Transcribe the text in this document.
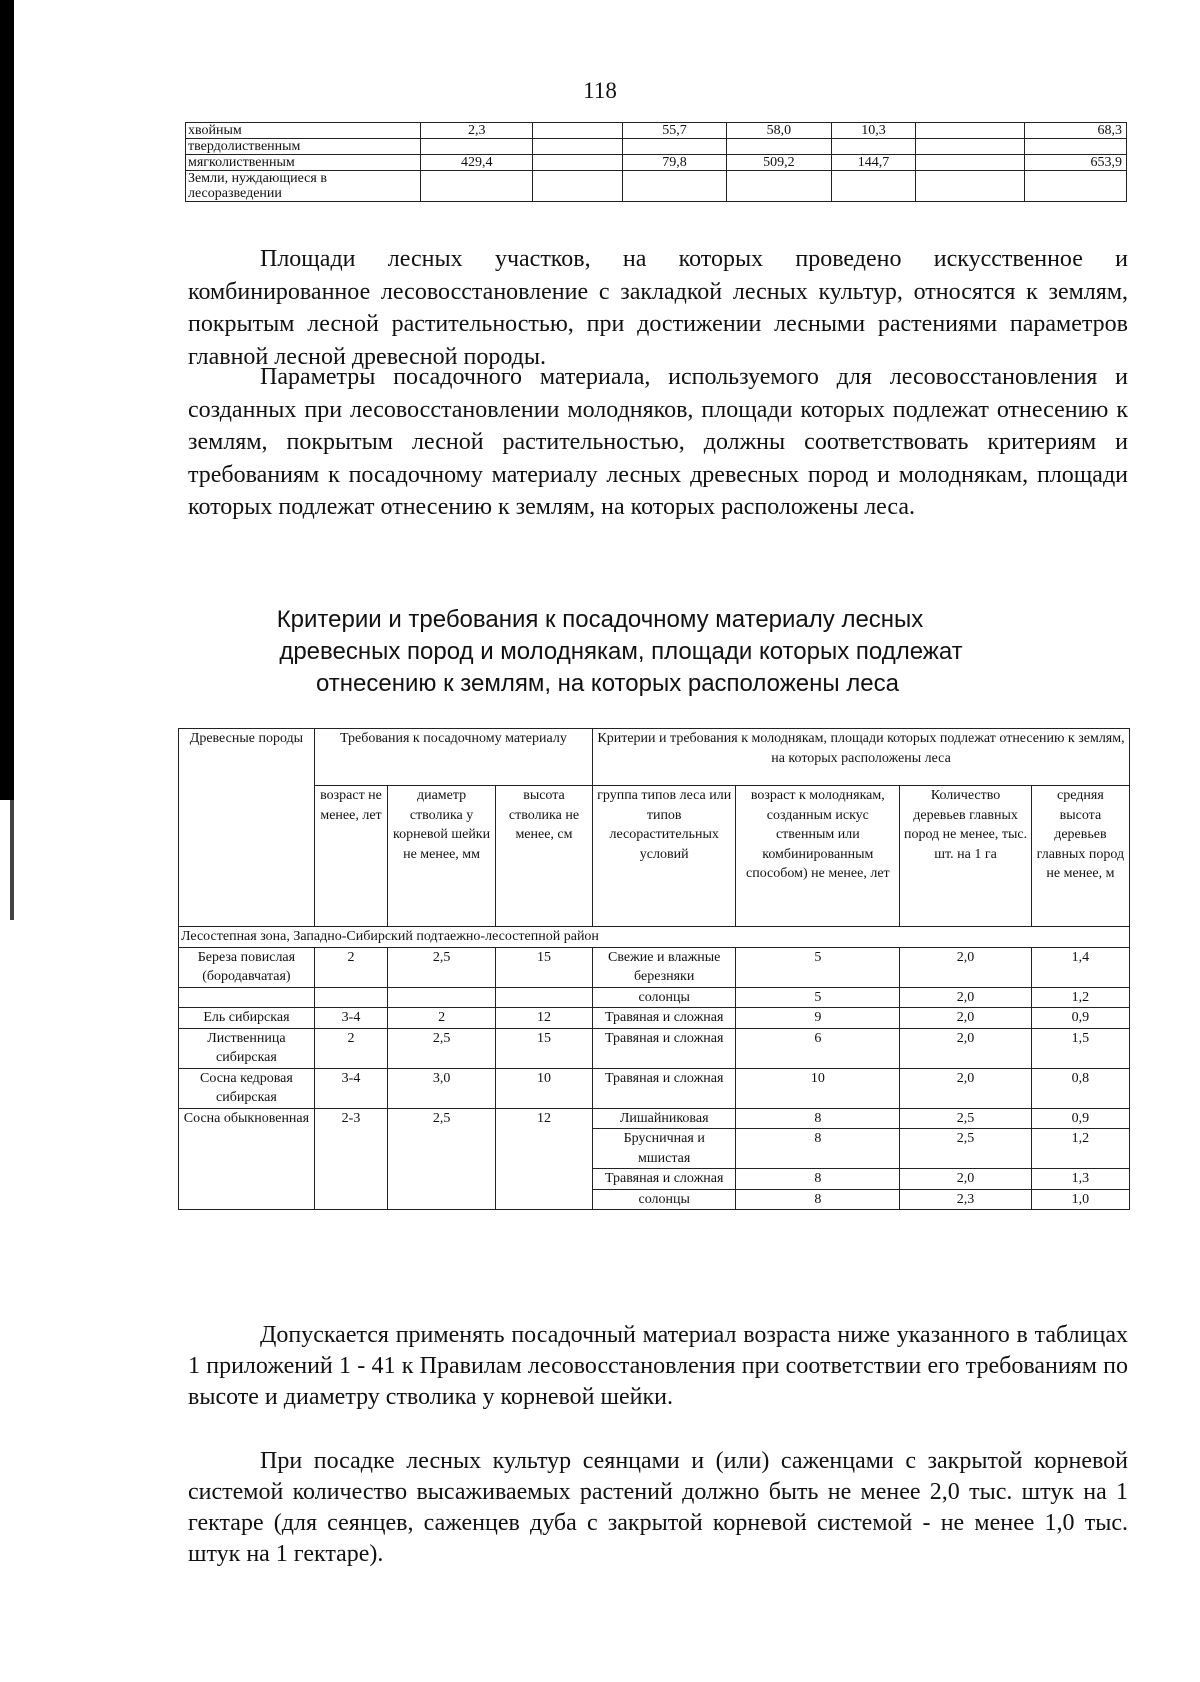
118
хвойным	2,3		55,7	58,0	10,3		68,3
твердолиственным							
мягколиственным	429,4		79,8	509,2	144,7		653,9
Земли, нуждающиеся в лесоразведении							

Площади лесных участков, на которых проведено искусственное и комбинированное лесовосстановление с закладкой лесных культур, относятся к землям, покрытым лесной растительностью, при достижении лесными растениями параметров главной лесной древесной породы.

Параметры посадочного материала, используемого для лесовосстановления и созданных при лесовосстановлении молодняков, площади которых подлежат отнесению к землям, покрытым лесной растительностью, должны соответствовать критериям и требованиям к посадочному материалу лесных древесных пород и молоднякам, площади которых подлежат отнесению к землям, на которых расположены леса.

Критерии и требования к посадочному материалу лесных
древесных пород и молоднякам, площади которых подлежат
отнесению к землям, на которых расположены леса
Древесные породы	Требования к посадочному материалу			Критерии и требования к молоднякам, площади которых подлежат отнесению к землям, на которых расположены леса			
	возраст не менее, лет	диаметр стволика у корневой шейки не менее, мм	высота стволика не менее, см	группа типов леса или типов лесорастительных условий	возраст к молоднякам, созданным искус ственным или комбинированным способом) не менее, лет	Количество деревьев главных пород не менее, тыс. шт. на 1 га	средняя высота деревьев главных пород не менее, м
Лесостепная зона, Западно-Сибирский подтаежно-лесостепной район							
Береза повислая (бородавчатая)	2	2,5	15	Свежие и влажные березняки	5	2,0	1,4
				солонцы	5	2,0	1,2
Ель сибирская	3-4	2	12	Травяная и сложная	9	2,0	0,9
Лиственница сибирская	2	2,5	15	Травяная и сложная	6	2,0	1,5
Сосна кедровая сибирская	3-4	3,0	10	Травяная и сложная	10	2,0	0,8
Сосна обыкновенная	2-3	2,5	12	Лишайниковая	8	2,5	0,9
				Брусничная и мшистая	8	2,5	1,2
				Травяная и сложная	8	2,0	1,3
				солонцы	8	2,3	1,0

Допускается применять посадочный материал возраста ниже указанного в таблицах 1 приложений 1 - 41 к Правилам лесовосстановления при соответствии его требованиям по высоте и диаметру стволика у корневой шейки.

При посадке лесных культур сеянцами и (или) саженцами с закрытой корневой системой количество высаживаемых растений должно быть не менее 2,0 тыс. штук на 1 гектаре (для сеянцев, саженцев дуба с закрытой корневой системой - не менее 1,0 тыс. штук на 1 гектаре).
